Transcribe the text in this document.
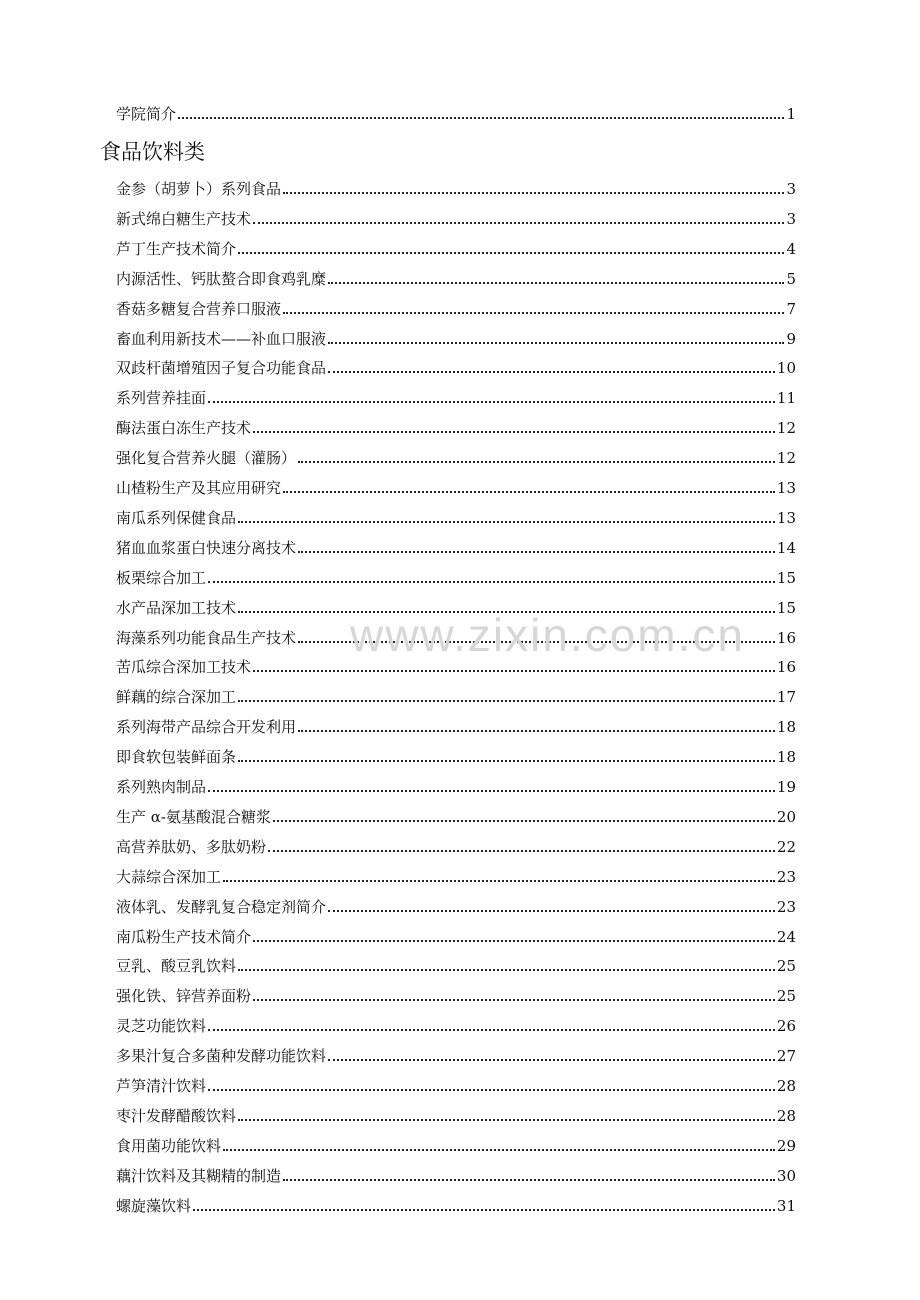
学院简介	1
食品饮料类
金参（胡萝卜）系列食品	3
新式绵白糖生产技术	3
芦丁生产技术简介	4
内源活性、钙肽螯合即食鸡乳糜	5
香菇多糖复合营养口服液	7
畜血利用新技术——补血口服液	9
双歧杆菌增殖因子复合功能食品	10
系列营养挂面	11
酶法蛋白冻生产技术	12
强化复合营养火腿（灌肠）	12
山楂粉生产及其应用研究	13
南瓜系列保健食品	13
猪血血浆蛋白快速分离技术	14
板栗综合加工	15
水产品深加工技术	15
海藻系列功能食品生产技术	16
苦瓜综合深加工技术	16
鲜藕的综合深加工	17
系列海带产品综合开发利用	18
即食软包装鲜面条	18
系列熟肉制品	19
生产 α-氨基酸混合糖浆	20
高营养肽奶、多肽奶粉	22
大蒜综合深加工	23
液体乳、发酵乳复合稳定剂简介	23
南瓜粉生产技术简介	24
豆乳、酸豆乳饮料	25
强化铁、锌营养面粉	25
灵芝功能饮料	26
多果汁复合多菌种发酵功能饮料	27
芦笋清汁饮料	28
枣汁发酵醋酸饮料	28
食用菌功能饮料	29
藕汁饮料及其糊精的制造	30
螺旋藻饮料	31
www.zixin.com.cn
